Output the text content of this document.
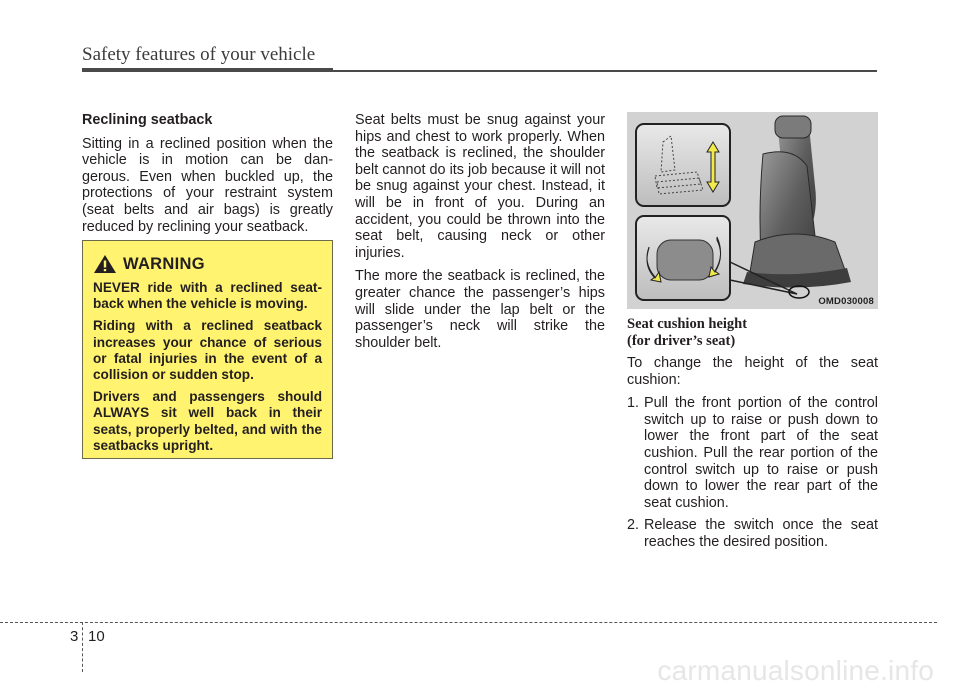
Safety features of your vehicle

Reclining seatback

Sitting in a reclined position when the vehicle is in motion can be dan- gerous. Even when buckled up, the protections of your restraint system (seat belts and air bags) is greatly reduced by reclining your seatback.

WARNING

NEVER ride with a reclined seat- back when the vehicle is moving.

Riding with a reclined seatback increases your chance of serious or fatal injuries in the event of a collision or sudden stop.

Drivers and passengers should ALWAYS sit well back in their seats, properly belted, and with the seatbacks upright.

Seat belts must be snug against your hips and chest to work properly. When the seatback is reclined, the shoulder belt cannot do its job because it will not be snug against your chest. Instead, it will be in front of you. During an accident, you could be thrown into the seat belt, causing neck or other injuries.

The more the seatback is reclined, the greater chance the passenger’s hips will slide under the lap belt or the passenger’s neck will strike the shoulder belt.

OMD030008
Seat cushion height
(for driver’s seat)

To change the height of the seat cushion:

1. Pull the front portion of the control switch up to raise or push down to lower the front part of the seat cushion. Pull the rear portion of the control switch up to raise or push down to lower the rear part of the seat cushion.
2. Release the switch once the seat reaches the desired position.
3 10
carmanualsonline.info
